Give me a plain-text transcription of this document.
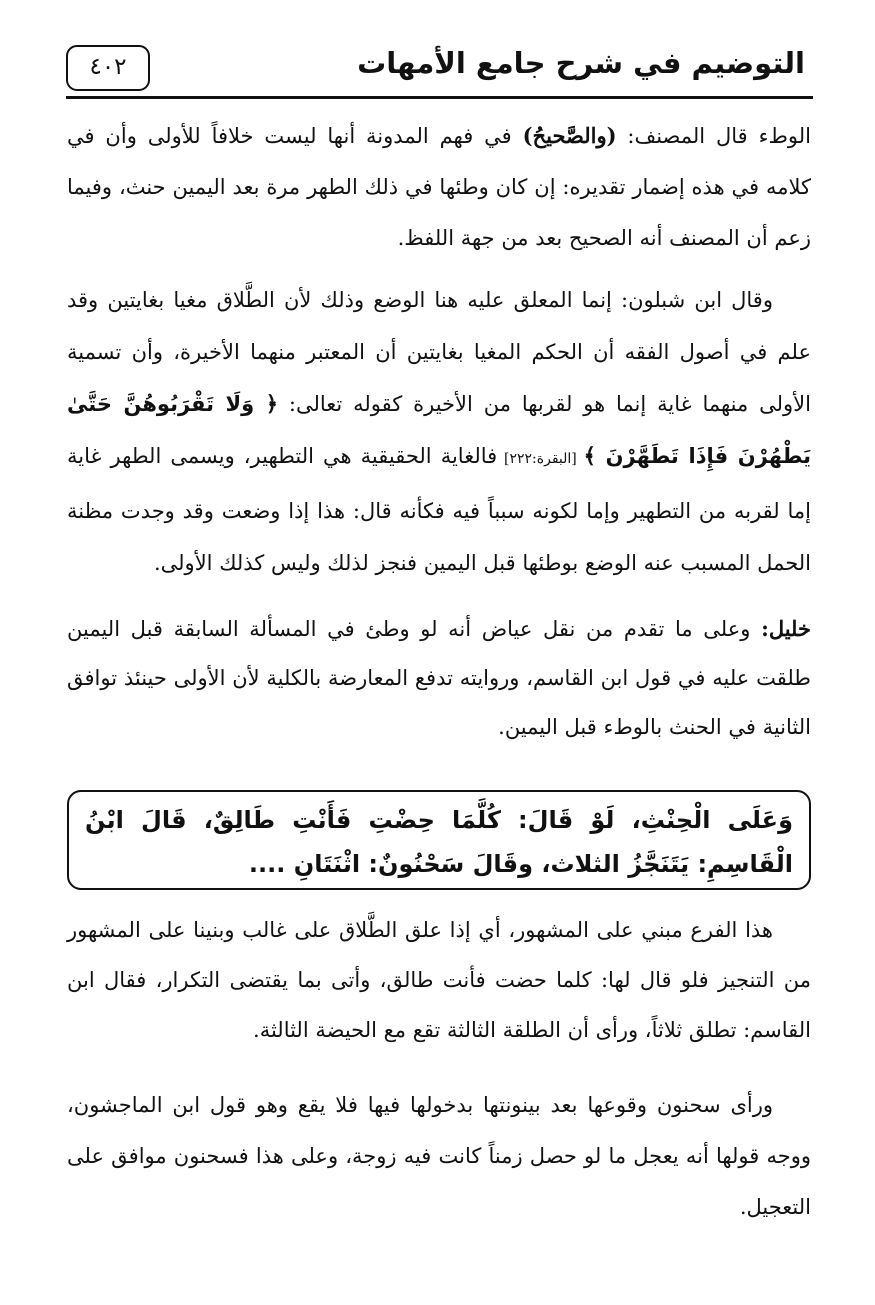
التوضيم في شرح جامع الأمهات
٤٠٢
الوطء قال المصنف: (والصَّحيحُ) في فهم المدونة أنها ليست خلافاً للأولى وأن في كلامه في هذه إضمار تقديره: إن كان وطئها في ذلك الطهر مرة بعد اليمين حنث، وفيما زعم أن المصنف أنه الصحيح بعد من جهة اللفظ.
وقال ابن شبلون: إنما المعلق عليه هنا الوضع وذلك لأن الطَّلاق مغيا بغايتين وقد علم في أصول الفقه أن الحكم المغيا بغايتين أن المعتبر منهما الأخيرة، وأن تسمية الأولى منهما غاية إنما هو لقربها من الأخيرة كقوله تعالى: ﴿ وَلَا تَقْرَبُوهُنَّ حَتَّىٰ يَطْهُرْنَ فَإِذَا تَطَهَّرْنَ ﴾ [البقرة:٢٢٢] فالغاية الحقيقية هي التطهير، ويسمى الطهر غاية إما لقربه من التطهير وإما لكونه سبباً فيه فكأنه قال: هذا إذا وضعت وقد وجدت مظنة الحمل المسبب عنه الوضع بوطئها قبل اليمين فنجز لذلك وليس كذلك الأولى.
خليل: وعلى ما تقدم من نقل عياض أنه لو وطئ في المسألة السابقة قبل اليمين طلقت عليه في قول ابن القاسم، وروايته تدفع المعارضة بالكلية لأن الأولى حينئذ توافق الثانية في الحنث بالوطء قبل اليمين.
وَعَلَى الْحِنْثِ، لَوْ قَالَ: كُلَّمَا حِضْتِ فَأَنْتِ طَالِقٌ، قَالَ ابْنُ الْقَاسِمِ: يَتَنَجَّزُ الثلاث، وقَالَ سَحْنُونٌ: اثْنَتَانِ ....
هذا الفرع مبني على المشهور، أي إذا علق الطَّلاق على غالب وبنينا على المشهور من التنجيز فلو قال لها: كلما حضت فأنت طالق، وأتى بما يقتضى التكرار، فقال ابن القاسم: تطلق ثلاثاً، ورأى أن الطلقة الثالثة تقع مع الحيضة الثالثة.
ورأى سحنون وقوعها بعد بينونتها بدخولها فيها فلا يقع وهو قول ابن الماجشون، ووجه قولها أنه يعجل ما لو حصل زمناً كانت فيه زوجة، وعلى هذا فسحنون موافق على التعجيل.
